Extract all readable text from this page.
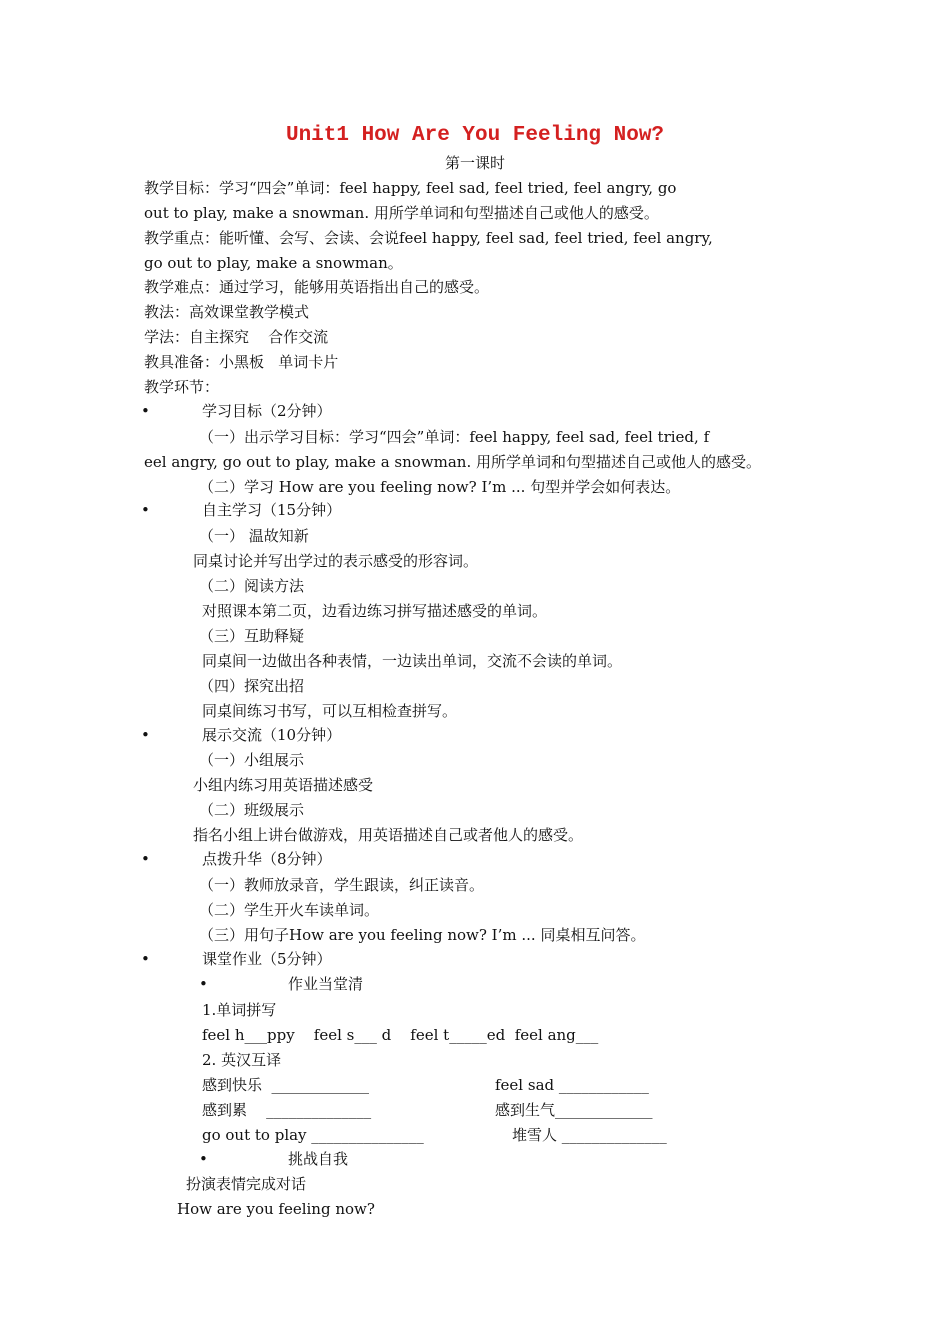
Unit1 How Are You Feeling Now?
第一课时
教学目标：学习“四会”单词：feel happy, feel sad, feel tried, feel angry, go
out to play, make a snowman. 用所学单词和句型描述自己或他人的感受。
教学重点：能听懂、会写、会读、会说feel happy, feel sad, feel tried, feel angry,
go out to play, make a snowman。
教学难点：通过学习，能够用英语指出自己的感受。
教法：高效课堂教学模式
学法：自主探究    合作交流
教具准备：小黑板   单词卡片
教学环节：
•	学习目标（2分钟）
（一）出示学习目标：学习“四会”单词：feel happy, feel sad, feel tried, f
eel angry, go out to play, make a snowman. 用所学单词和句型描述自己或他人的感受。
（二）学习 How are you feeling now? I’m ... 句型并学会如何表达。
•	自主学习（15分钟）
（一） 温故知新
同桌讨论并写出学过的表示感受的形容词。
（二）阅读方法
对照课本第二页，边看边练习拼写描述感受的单词。
（三）互助释疑
同桌间一边做出各种表情，一边读出单词，交流不会读的单词。
（四）探究出招
同桌间练习书写，可以互相检查拼写。
•	展示交流（10分钟）
（一）小组展示
小组内练习用英语描述感受
（二）班级展示
指名小组上讲台做游戏，用英语描述自己或者他人的感受。
•	点拨升华（8分钟）
（一）教师放录音，学生跟读，纠正读音。
（二）学生开火车读单词。
（三）用句子How are you feeling now? I’m ... 同桌相互问答。
•	课堂作业（5分钟）
•	作业当堂清
1.单词拼写
feel h___ppy    feel s___ d    feel t_____ed  feel ang___
2. 英汉互译
感到快乐  _____________	feel sad ____________
感到累    ______________	感到生气_____________
go out to play _______________	堆雪人 ______________
•	挑战自我
扮演表情完成对话
How are you feeling now?
